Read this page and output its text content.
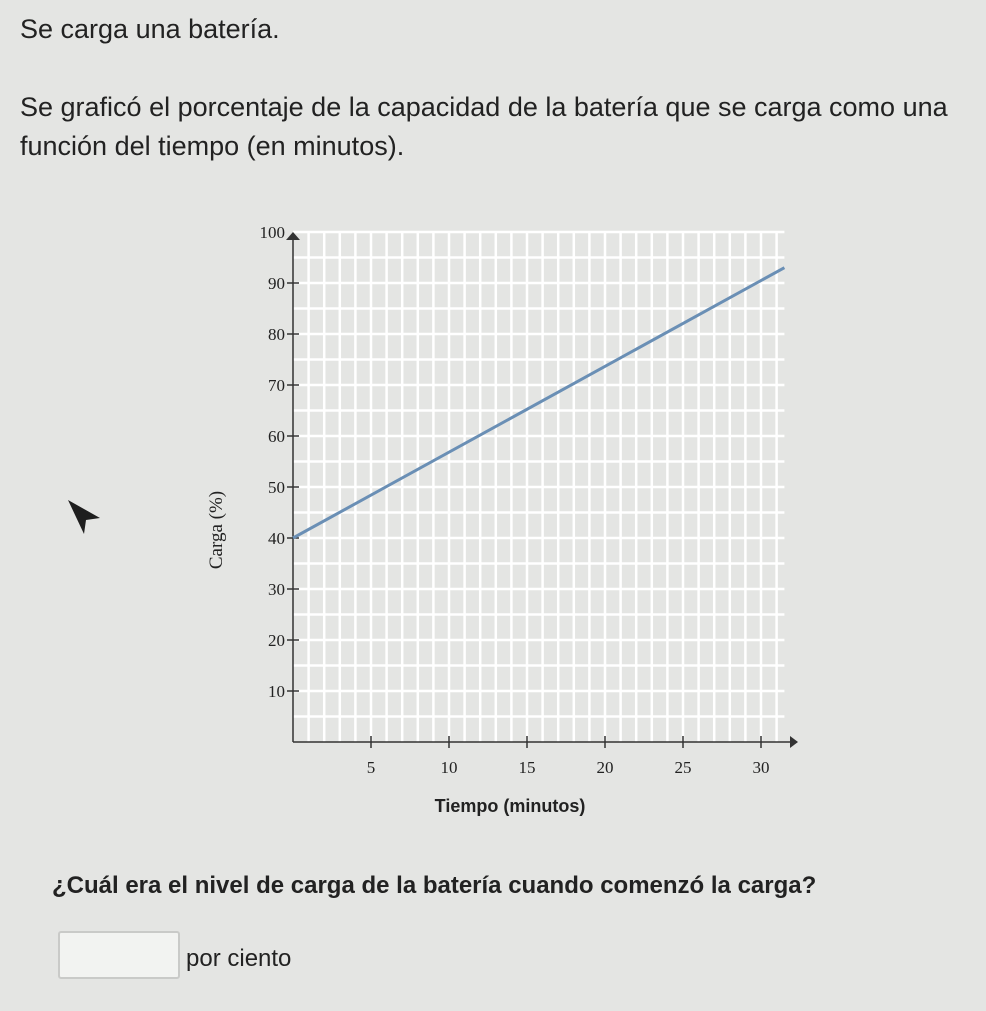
Se carga una batería.

Se graficó el porcentaje de la capacidad de la batería que se carga como una función del tiempo (en minutos).

5	10	15	20	25	30
10
20
30
40
50
60
70
80
90
100
Tiempo (minutos)
Carga (%)

¿Cuál era el nivel de carga de la batería cuando comenzó la carga?

por ciento
